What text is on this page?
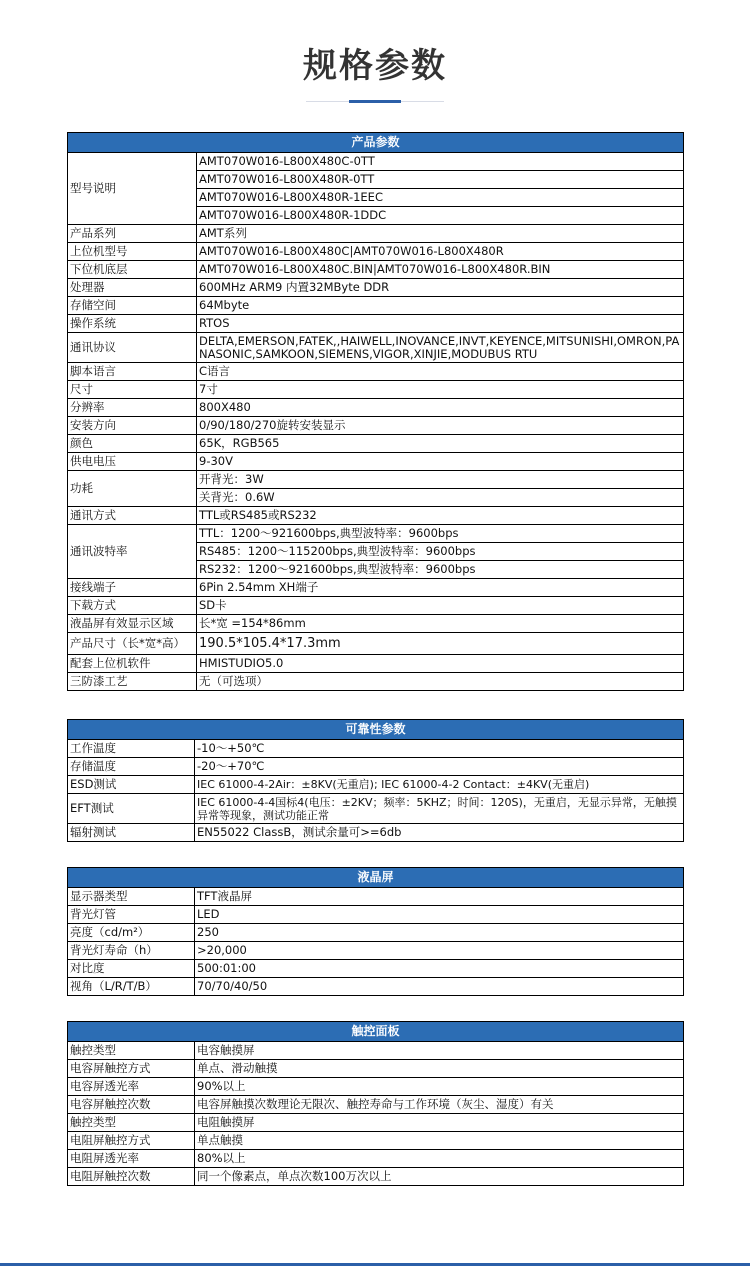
规格参数
产品参数	
型号说明	AMT070W016-L800X480C-0TT
	AMT070W016-L800X480R-0TT
	AMT070W016-L800X480R-1EEC
	AMT070W016-L800X480R-1DDC
产品系列	AMT系列
上位机型号	AMT070W016-L800X480C|AMT070W016-L800X480R
下位机底层	AMT070W016-L800X480C.BIN|AMT070W016-L800X480R.BIN
处理器	600MHz ARM9 内置32MByte DDR
存储空间	64Mbyte
操作系统	RTOS
通讯协议	DELTA,EMERSON,FATEK,,HAIWELL,INOVANCE,INVT,KEYENCE,MITSUNISHI,OMRON,PANASONIC,SAMKOON,SIEMENS,VIGOR,XINJIE,MODUBUS RTU
脚本语言	C语言
尺寸	7寸
分辨率	800X480
安装方向	0/90/180/270旋转安装显示
颜色	65K，RGB565
供电电压	9-30V
功耗	开背光：3W
	关背光：0.6W
通讯方式	TTL或RS485或RS232
通讯波特率	TTL：1200～921600bps,典型波特率：9600bps
	RS485：1200～115200bps,典型波特率：9600bps
	RS232：1200～921600bps,典型波特率：9600bps
接线端子	6Pin 2.54mm XH端子
下载方式	SD卡
液晶屏有效显示区域	长*宽 =154*86mm
产品尺寸（长*宽*高）	190.5*105.4*17.3mm
配套上位机软件	HMISTUDIO5.0
三防漆工艺	无（可选项）
可靠性参数	
工作温度	-10～+50℃
存储温度	-20～+70℃
ESD测试	IEC 61000-4-2Air：±8KV(无重启); IEC 61000-4-2 Contact：±4KV(无重启)
EFT测试	IEC 61000-4-4国标4(电压：±2KV；频率：5KHZ；时间：120S)，无重启，无显示异常，无触摸异常等现象，测试功能正常
辐射测试	EN55022 ClassB，测试余量可>=6db
液晶屏	
显示器类型	TFT液晶屏
背光灯管	LED
亮度（cd/m²）	250
背光灯寿命（h）	>20,000
对比度	500:01:00
视角（L/R/T/B）	70/70/40/50
触控面板	
触控类型	电容触摸屏
电容屏触控方式	单点、滑动触摸
电容屏透光率	90%以上
电容屏触控次数	电容屏触摸次数理论无限次、触控寿命与工作环境（灰尘、湿度）有关
触控类型	电阻触摸屏
电阻屏触控方式	单点触摸
电阻屏透光率	80%以上
电阻屏触控次数	同一个像素点，单点次数100万次以上
